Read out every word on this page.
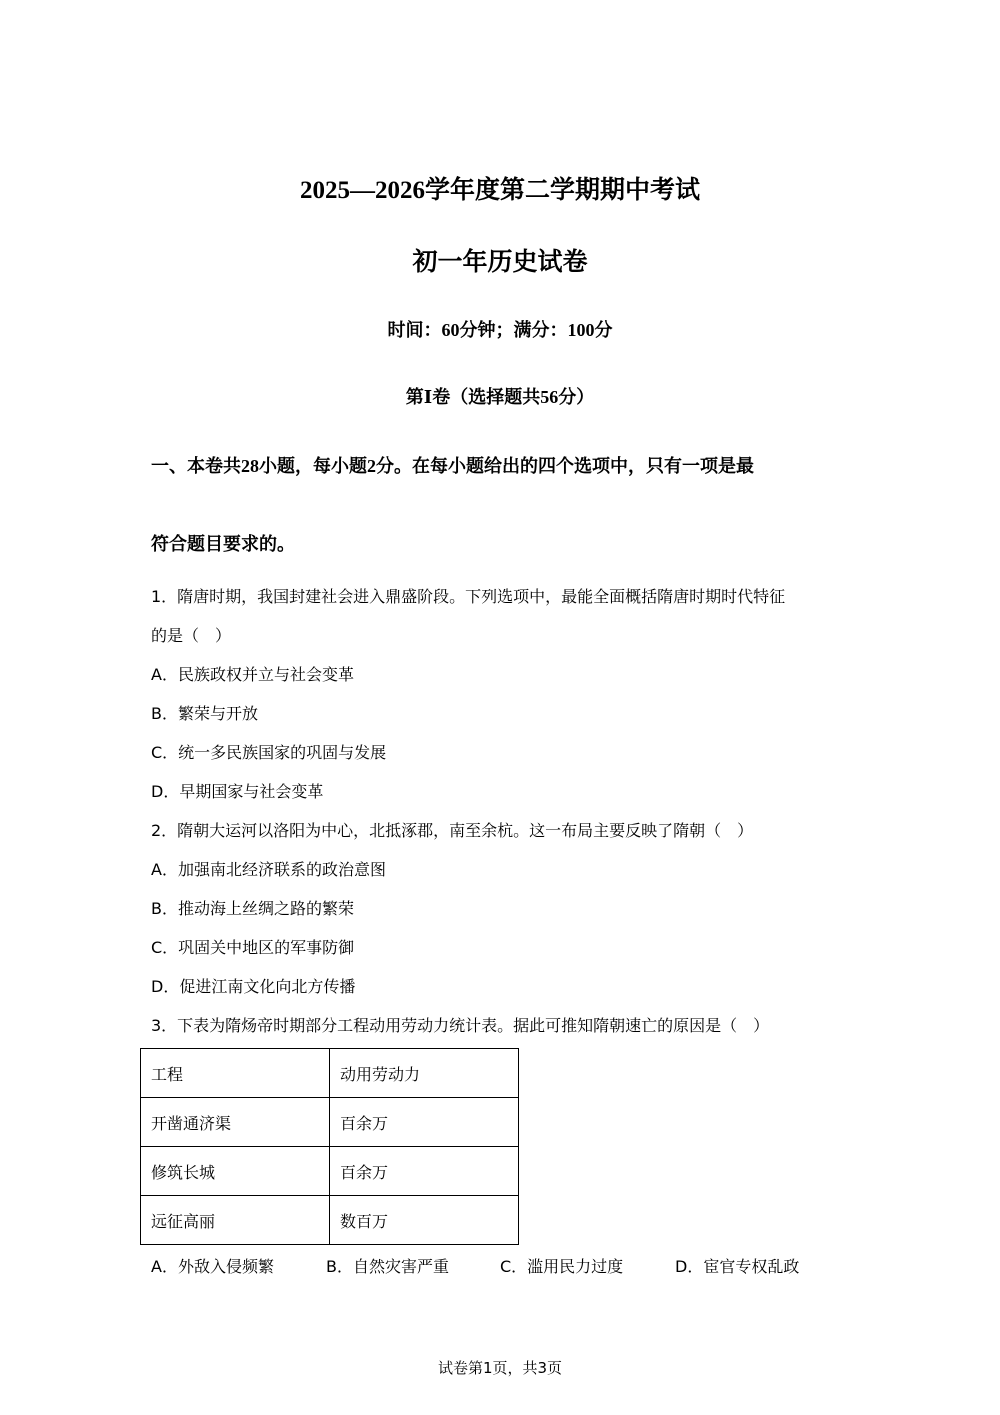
2025—2026学年度第二学期期中考试
初一年历史试卷
时间：60分钟；满分：100分
第Ⅰ卷（选择题共56分）
一、本卷共28小题，每小题2分。在每小题给出的四个选项中，只有一项是最
符合题目要求的。
1．隋唐时期，我国封建社会进入鼎盛阶段。下列选项中，最能全面概括隋唐时期时代特征
的是（　）
A．民族政权并立与社会变革
B．繁荣与开放
C．统一多民族国家的巩固与发展
D．早期国家与社会变革
2．隋朝大运河以洛阳为中心，北抵涿郡，南至余杭。这一布局主要反映了隋朝（　）
A．加强南北经济联系的政治意图
B．推动海上丝绸之路的繁荣
C．巩固关中地区的军事防御
D．促进江南文化向北方传播
3．下表为隋炀帝时期部分工程动用劳动力统计表。据此可推知隋朝速亡的原因是（　）
工程	动用劳动力
开凿通济渠	百余万
修筑长城	百余万
远征高丽	数百万
A．外敌入侵频繁	B．自然灾害严重	C．滥用民力过度	D．宦官专权乱政
试卷第1页，共3页
